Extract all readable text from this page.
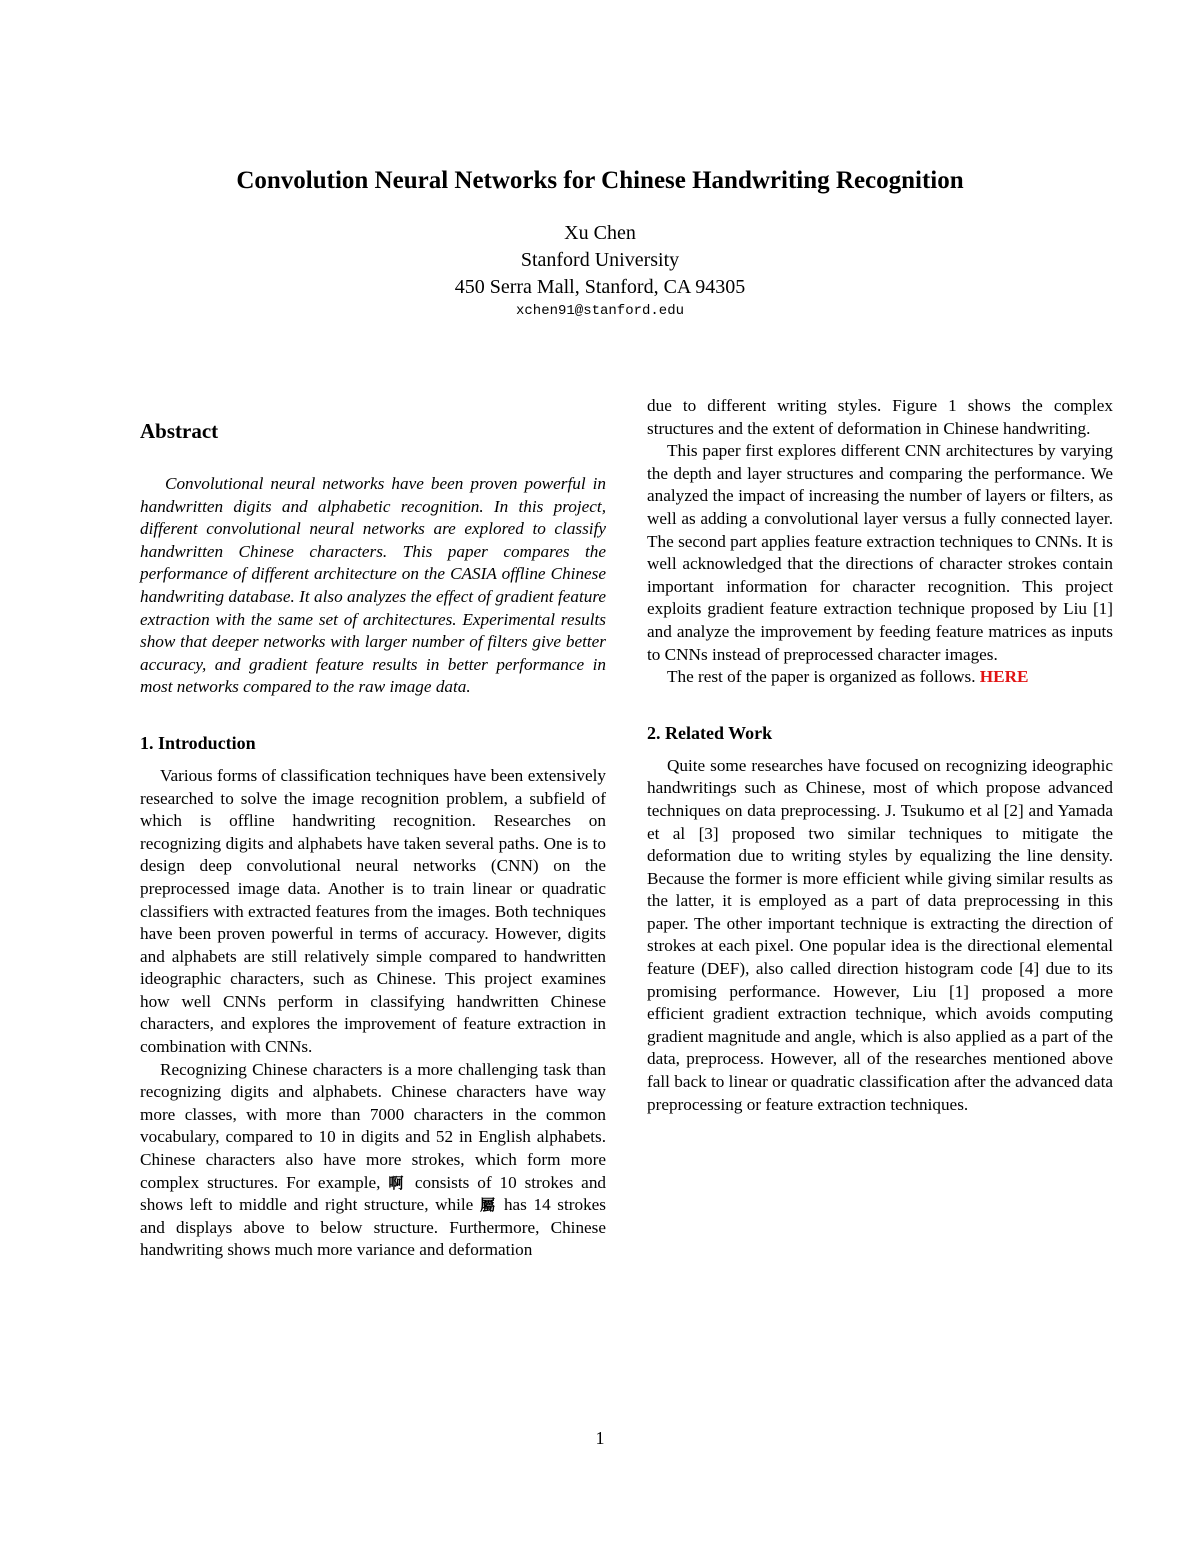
Convolution Neural Networks for Chinese Handwriting Recognition
Xu Chen
Stanford University
450 Serra Mall, Stanford, CA 94305
xchen91@stanford.edu
Abstract

Convolutional neural networks have been proven powerful in handwritten digits and alphabetic recognition. In this project, different convolutional neural networks are explored to classify handwritten Chinese characters. This paper compares the performance of different architecture on the CASIA offline Chinese handwriting database. It also analyzes the effect of gradient feature extraction with the same set of architectures. Experimental results show that deeper networks with larger number of filters give better accuracy, and gradient feature results in better performance in most networks compared to the raw image data.

1. Introduction

Various forms of classification techniques have been extensively researched to solve the image recognition problem, a subfield of which is offline handwriting recognition. Researches on recognizing digits and alphabets have taken several paths. One is to design deep convolutional neural networks (CNN) on the preprocessed image data. Another is to train linear or quadratic classifiers with extracted features from the images. Both techniques have been proven powerful in terms of accuracy. However, digits and alphabets are still relatively simple compared to handwritten ideographic characters, such as Chinese. This project examines how well CNNs perform in classifying handwritten Chinese characters, and explores the improvement of feature extraction in combination with CNNs.

Recognizing Chinese characters is a more challenging task than recognizing digits and alphabets. Chinese characters have way more classes, with more than 7000 characters in the common vocabulary, compared to 10 in digits and 52 in English alphabets. Chinese characters also have more strokes, which form more complex structures. For example, 啊 consists of 10 strokes and shows left to middle and right structure, while 屬 has 14 strokes and displays above to below structure. Furthermore, Chinese handwriting shows much more variance and deformation

due to different writing styles. Figure 1 shows the complex structures and the extent of deformation in Chinese handwriting.

This paper first explores different CNN architectures by varying the depth and layer structures and comparing the performance. We analyzed the impact of increasing the number of layers or filters, as well as adding a convolutional layer versus a fully connected layer. The second part applies feature extraction techniques to CNNs. It is well acknowledged that the directions of character strokes contain important information for character recognition. This project exploits gradient feature extraction technique proposed by Liu [1] and analyze the improvement by feeding feature matrices as inputs to CNNs instead of preprocessed character images.

The rest of the paper is organized as follows. HERE

2. Related Work

Quite some researches have focused on recognizing ideographic handwritings such as Chinese, most of which propose advanced techniques on data preprocessing. J. Tsukumo et al [2] and Yamada et al [3] proposed two similar techniques to mitigate the deformation due to writing styles by equalizing the line density. Because the former is more efficient while giving similar results as the latter, it is employed as a part of data preprocessing in this paper. The other important technique is extracting the direction of strokes at each pixel. One popular idea is the directional elemental feature (DEF), also called direction histogram code [4] due to its promising performance. However, Liu [1] proposed a more efficient gradient extraction technique, which avoids computing gradient magnitude and angle, which is also applied as a part of the data, preprocess. However, all of the researches mentioned above fall back to linear or quadratic classification after the advanced data preprocessing or feature extraction techniques.

1
